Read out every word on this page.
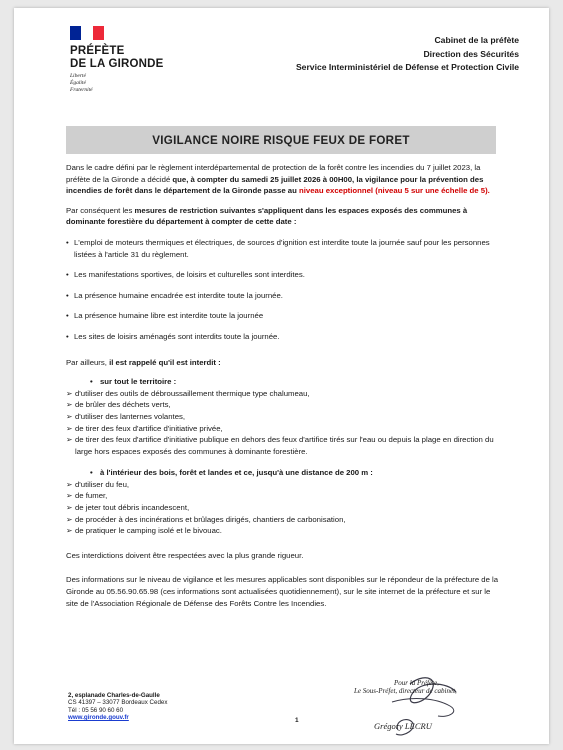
PRÉFÈTE
DE LA GIRONDE
Liberté
Égalité
Fraternité
Cabinet de la préfète
Direction des Sécurités
Service Interministériel de Défense et Protection Civile
VIGILANCE NOIRE RISQUE FEUX DE FORET

Dans le cadre défini par le règlement interdépartemental de protection de la forêt contre les incendies du 7 juillet 2023, la préfète de la Gironde a décidé que, à compter du samedi 25 juillet 2026 à 00H00, la vigilance pour la prévention des incendies de forêt dans le département de la Gironde passe au niveau exceptionnel (niveau 5 sur une échelle de 5).

Par conséquent les mesures de restriction suivantes s'appliquent dans les espaces exposés des communes à dominante forestière du département à compter de cette date :

• L'emploi de moteurs thermiques et électriques, de sources d'ignition est interdite toute la journée sauf pour les personnes listées à l'article 31 du règlement.
• Les manifestations sportives, de loisirs et culturelles sont interdites.
• La présence humaine encadrée est interdite toute la journée.
• La présence humaine libre est interdite toute la journée
• Les sites de loisirs aménagés sont interdits toute la journée.

Par ailleurs, il est rappelé qu'il est interdit :

• sur tout le territoire :
➢ d'utiliser des outils de débroussaillement thermique type chalumeau,
➢ de brûler des déchets verts,
➢ d'utiliser des lanternes volantes,
➢ de tirer des feux d'artifice d'initiative privée,
➢ de tirer des feux d'artifice d'initiative publique en dehors des feux d'artifice tirés sur l'eau ou depuis la plage en direction du large hors espaces exposés des communes à dominante forestière.
• à l'intérieur des bois, forêt et landes et ce, jusqu'à une distance de 200 m :
➢ d'utiliser du feu,
➢ de fumer,
➢ de jeter tout débris incandescent,
➢ de procéder à des incinérations et brûlages dirigés, chantiers de carbonisation,
➢ de pratiquer le camping isolé et le bivouac.

Ces interdictions doivent être respectées avec la plus grande rigueur.

Des informations sur le niveau de vigilance et les mesures applicables sont disponibles sur le répondeur de la préfecture de la Gironde au 05.56.90.65.98 (ces informations sont actualisées quotidiennement), sur le site internet de la préfecture et sur le site de l'Association Régionale de Défense des Forêts Contre les Incendies.

Pour la Préfète,
Le Sous-Préfet, directeur de cabinet,
Grégory LECRU
2, esplanade Charles-de-Gaulle
CS 41397 – 33077 Bordeaux Cedex
Tél : 05 56 90 60 60
www.gironde.gouv.fr	1
